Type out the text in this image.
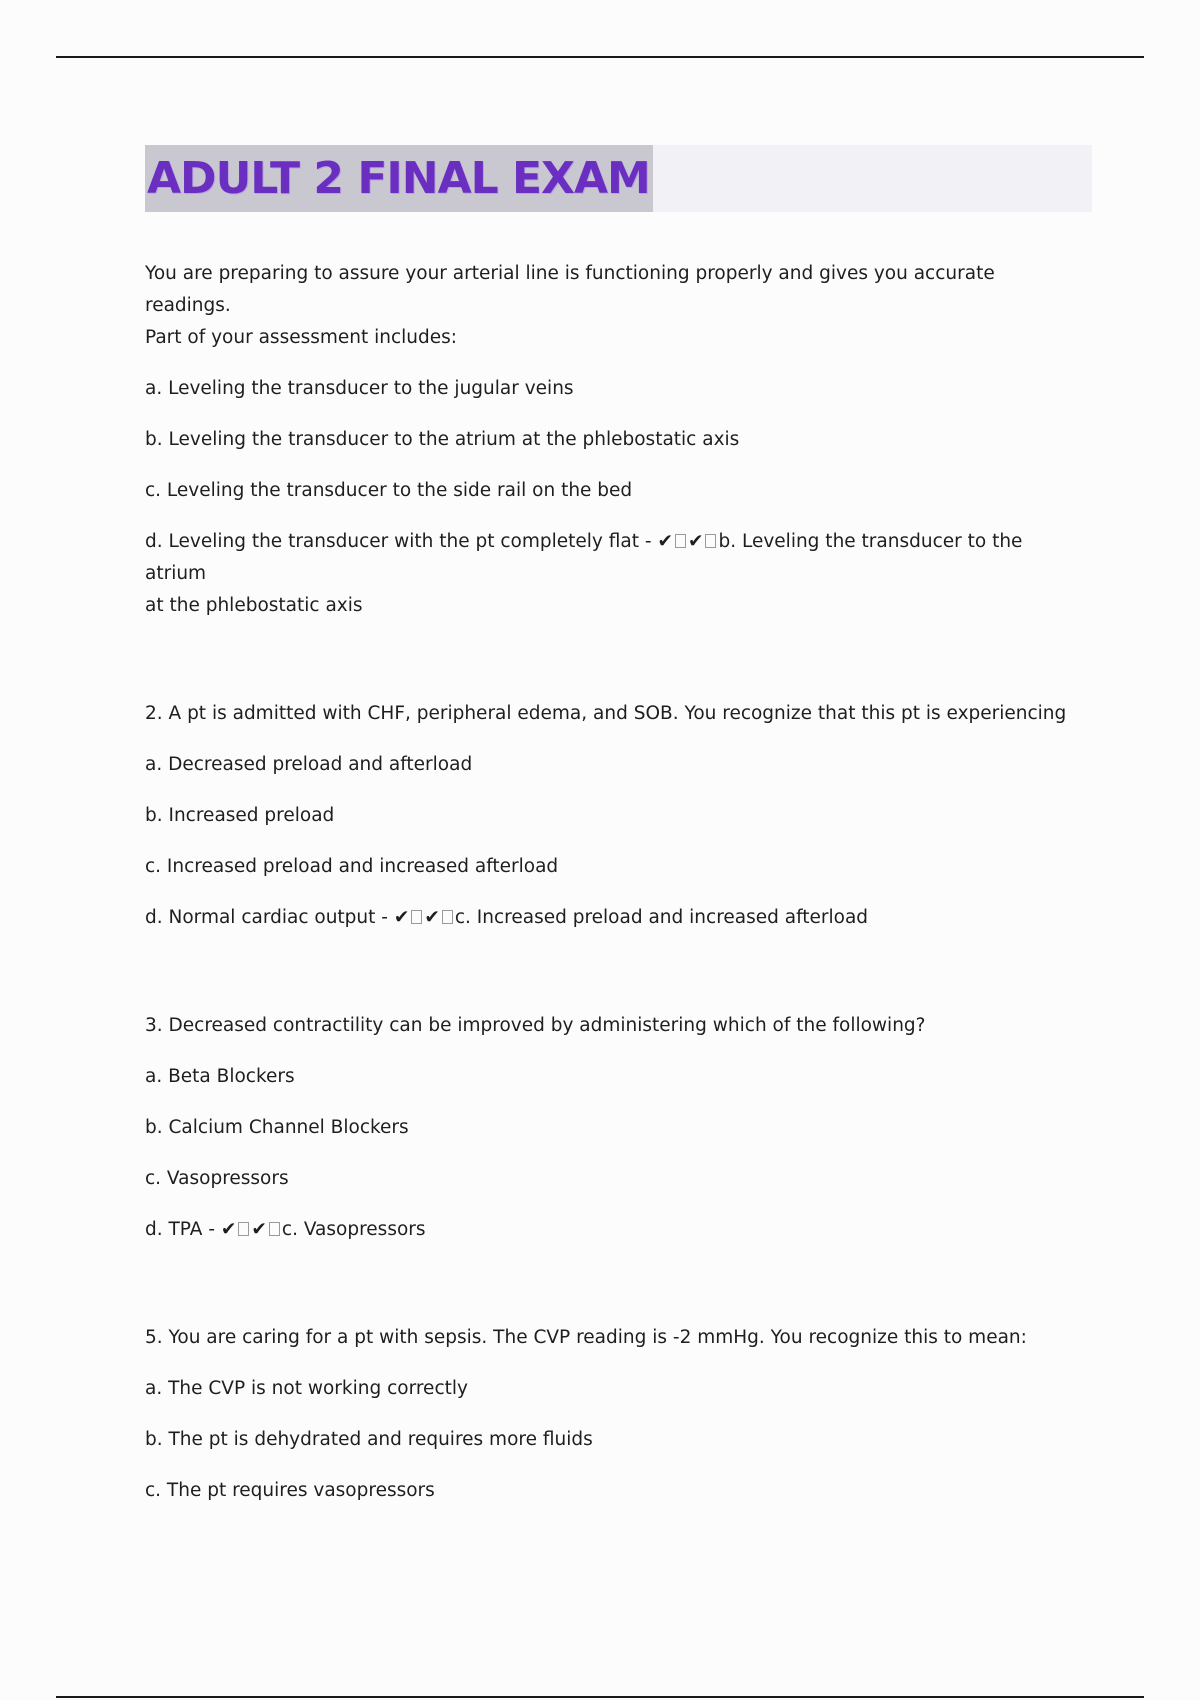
ADULT 2 FINAL EXAM
You are preparing to assure your arterial line is functioning properly and gives you accurate readings.
Part of your assessment includes:
a. Leveling the transducer to the jugular veins
b. Leveling the transducer to the atrium at the phlebostatic axis
c. Leveling the transducer to the side rail on the bed
d. Leveling the transducer with the pt completely flat - ✔ ✔ b. Leveling the transducer to the atrium
at the phlebostatic axis
2. A pt is admitted with CHF, peripheral edema, and SOB. You recognize that this pt is experiencing
a. Decreased preload and afterload
b. Increased preload
c. Increased preload and increased afterload
d. Normal cardiac output - ✔ ✔ c. Increased preload and increased afterload
3. Decreased contractility can be improved by administering which of the following?
a. Beta Blockers
b. Calcium Channel Blockers
c. Vasopressors
d. TPA - ✔ ✔ c. Vasopressors
5. You are caring for a pt with sepsis. The CVP reading is -2 mmHg. You recognize this to mean:
a. The CVP is not working correctly
b. The pt is dehydrated and requires more fluids
c. The pt requires vasopressors
